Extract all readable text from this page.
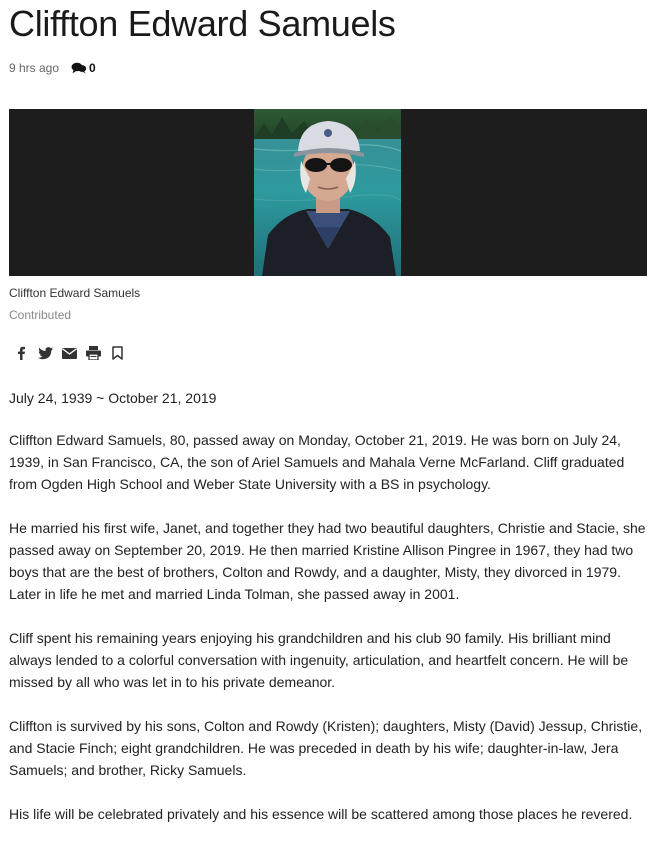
Cliffton Edward Samuels
9 hrs ago	0
Cliffton Edward Samuels
Contributed
July 24, 1939 ~ October 21, 2019

Cliffton Edward Samuels, 80, passed away on Monday, October 21, 2019. He was born on July 24, 1939, in San Francisco, CA, the son of Ariel Samuels and Mahala Verne McFarland. Cliff graduated from Ogden High School and Weber State University with a BS in psychology.

He married his first wife, Janet, and together they had two beautiful daughters, Christie and Stacie, she passed away on September 20, 2019. He then married Kristine Allison Pingree in 1967, they had two boys that are the best of brothers, Colton and Rowdy, and a daughter, Misty, they divorced in 1979. Later in life he met and married Linda Tolman, she passed away in 2001.

Cliff spent his remaining years enjoying his grandchildren and his club 90 family. His brilliant mind always lended to a colorful conversation with ingenuity, articulation, and heartfelt concern. He will be missed by all who was let in to his private demeanor.

Cliffton is survived by his sons, Colton and Rowdy (Kristen); daughters, Misty (David) Jessup, Christie, and Stacie Finch; eight grandchildren. He was preceded in death by his wife; daughter-in-law, Jera Samuels; and brother, Ricky Samuels.

His life will be celebrated privately and his essence will be scattered among those places he revered.
